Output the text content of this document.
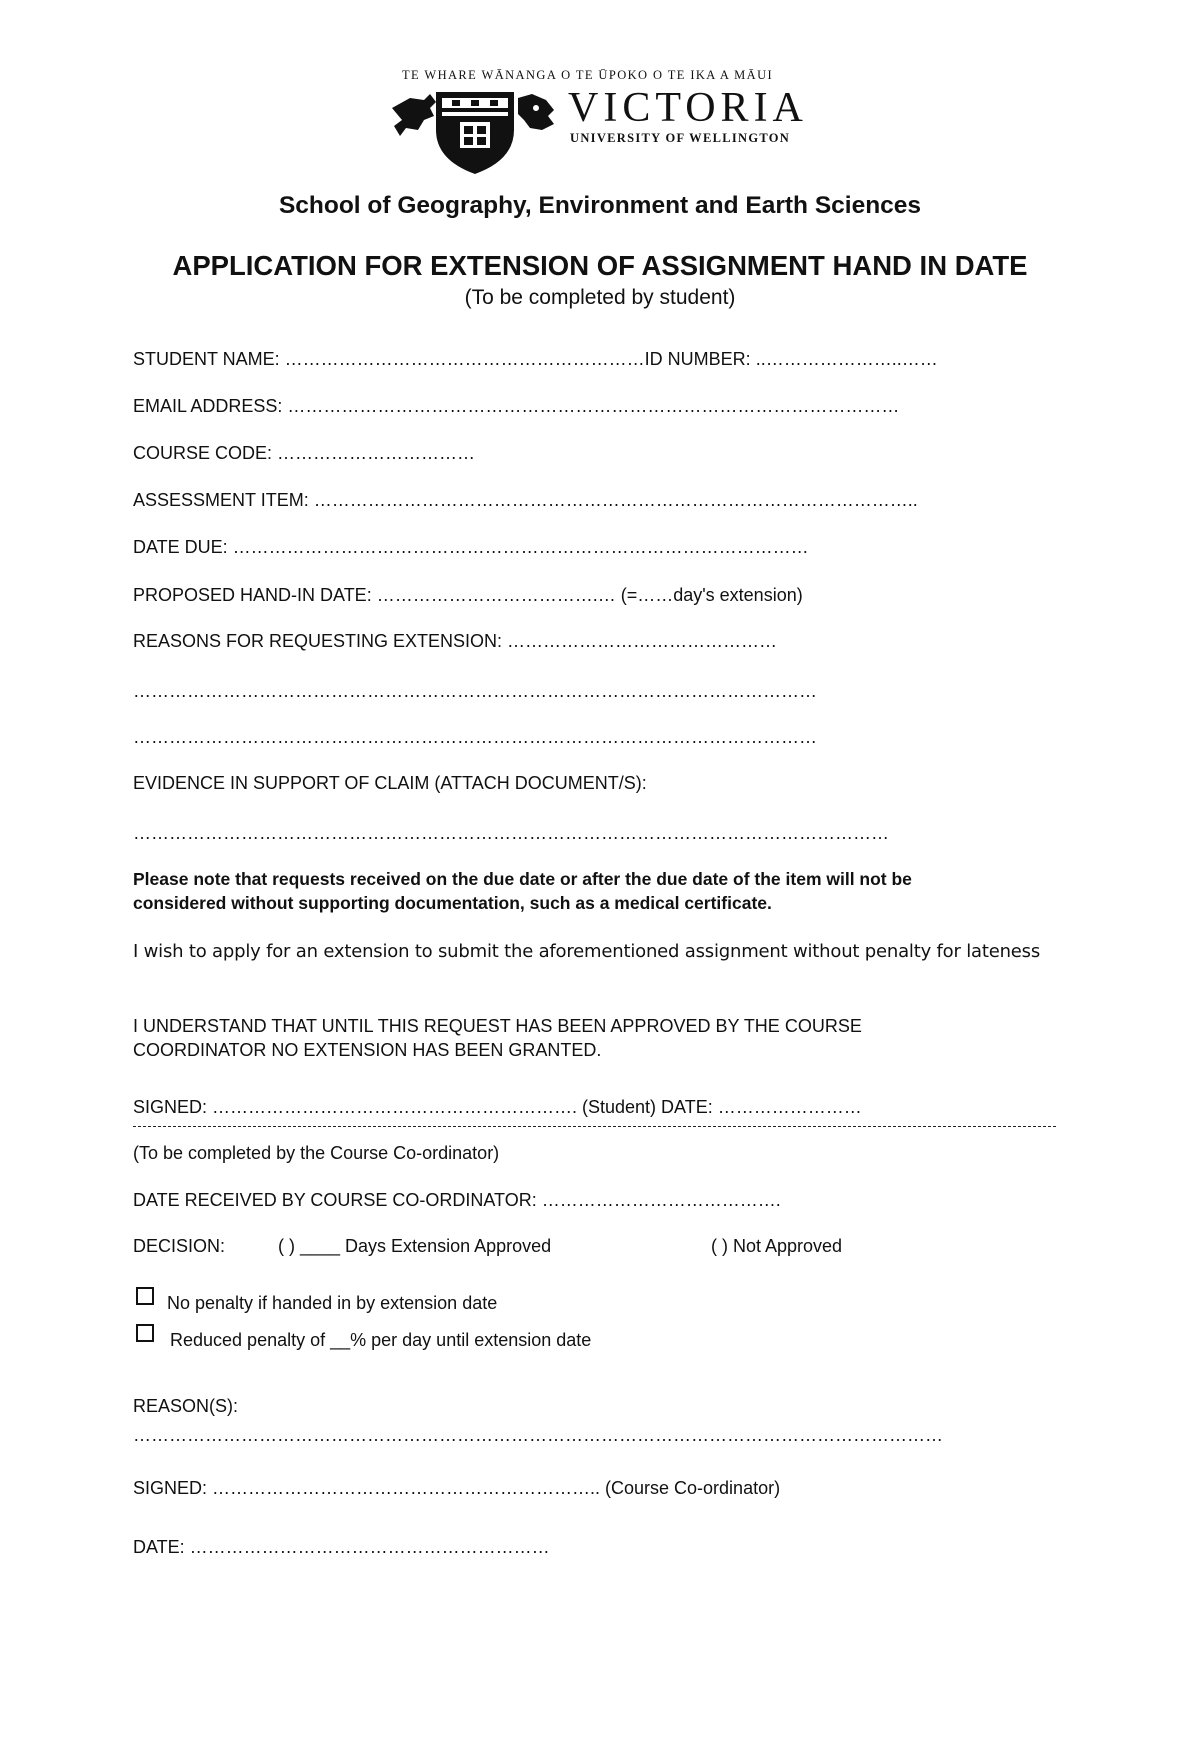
TE WHARE WĀNANGA O TE ŪPOKO O TE IKA A MĀUI
VICTORIA
UNIVERSITY OF WELLINGTON
School of Geography, Environment and Earth Sciences
APPLICATION FOR EXTENSION OF ASSIGNMENT HAND IN DATE
(To be completed by student)
STUDENT NAME: ……………………………………………………ID NUMBER: ..…………………..……
EMAIL ADDRESS: …………………………………………………………………………………………
COURSE CODE: ……………………………
ASSESSMENT ITEM: ………………………………………………………………………………………..
DATE DUE: ……………………………………………………………………………………
PROPOSED HAND-IN DATE: ……………………………….… (=……day's extension)
REASONS FOR REQUESTING EXTENSION: ………………………………………
……………………………………………………………………………………………………
……………………………………………………………………………………………………
EVIDENCE IN SUPPORT OF CLAIM (ATTACH DOCUMENT/S):
………………………………………………………………………………………………………………
Please note that requests received on the due date or after the due date of the item will not be
considered without supporting documentation, such as a medical certificate.
I wish to apply for an extension to submit the aforementioned assignment without penalty for lateness
I UNDERSTAND THAT UNTIL THIS REQUEST HAS BEEN APPROVED BY THE COURSE
COORDINATOR NO EXTENSION HAS BEEN GRANTED.
SIGNED: ……………………………………………………. (Student) DATE: ……………………
(To be completed by the Course Co-ordinator)
DATE RECEIVED BY COURSE CO-ORDINATOR: ………………………………….
DECISION:	( ) ____ Days Extension Approved	( ) Not Approved
No penalty if handed in by extension date
Reduced penalty of __% per day until extension date
REASON(S):
………………………………………………………………………………………………………………………
SIGNED: ……………………………………………………….. (Course Co-ordinator)
DATE: ……………………………………………………
